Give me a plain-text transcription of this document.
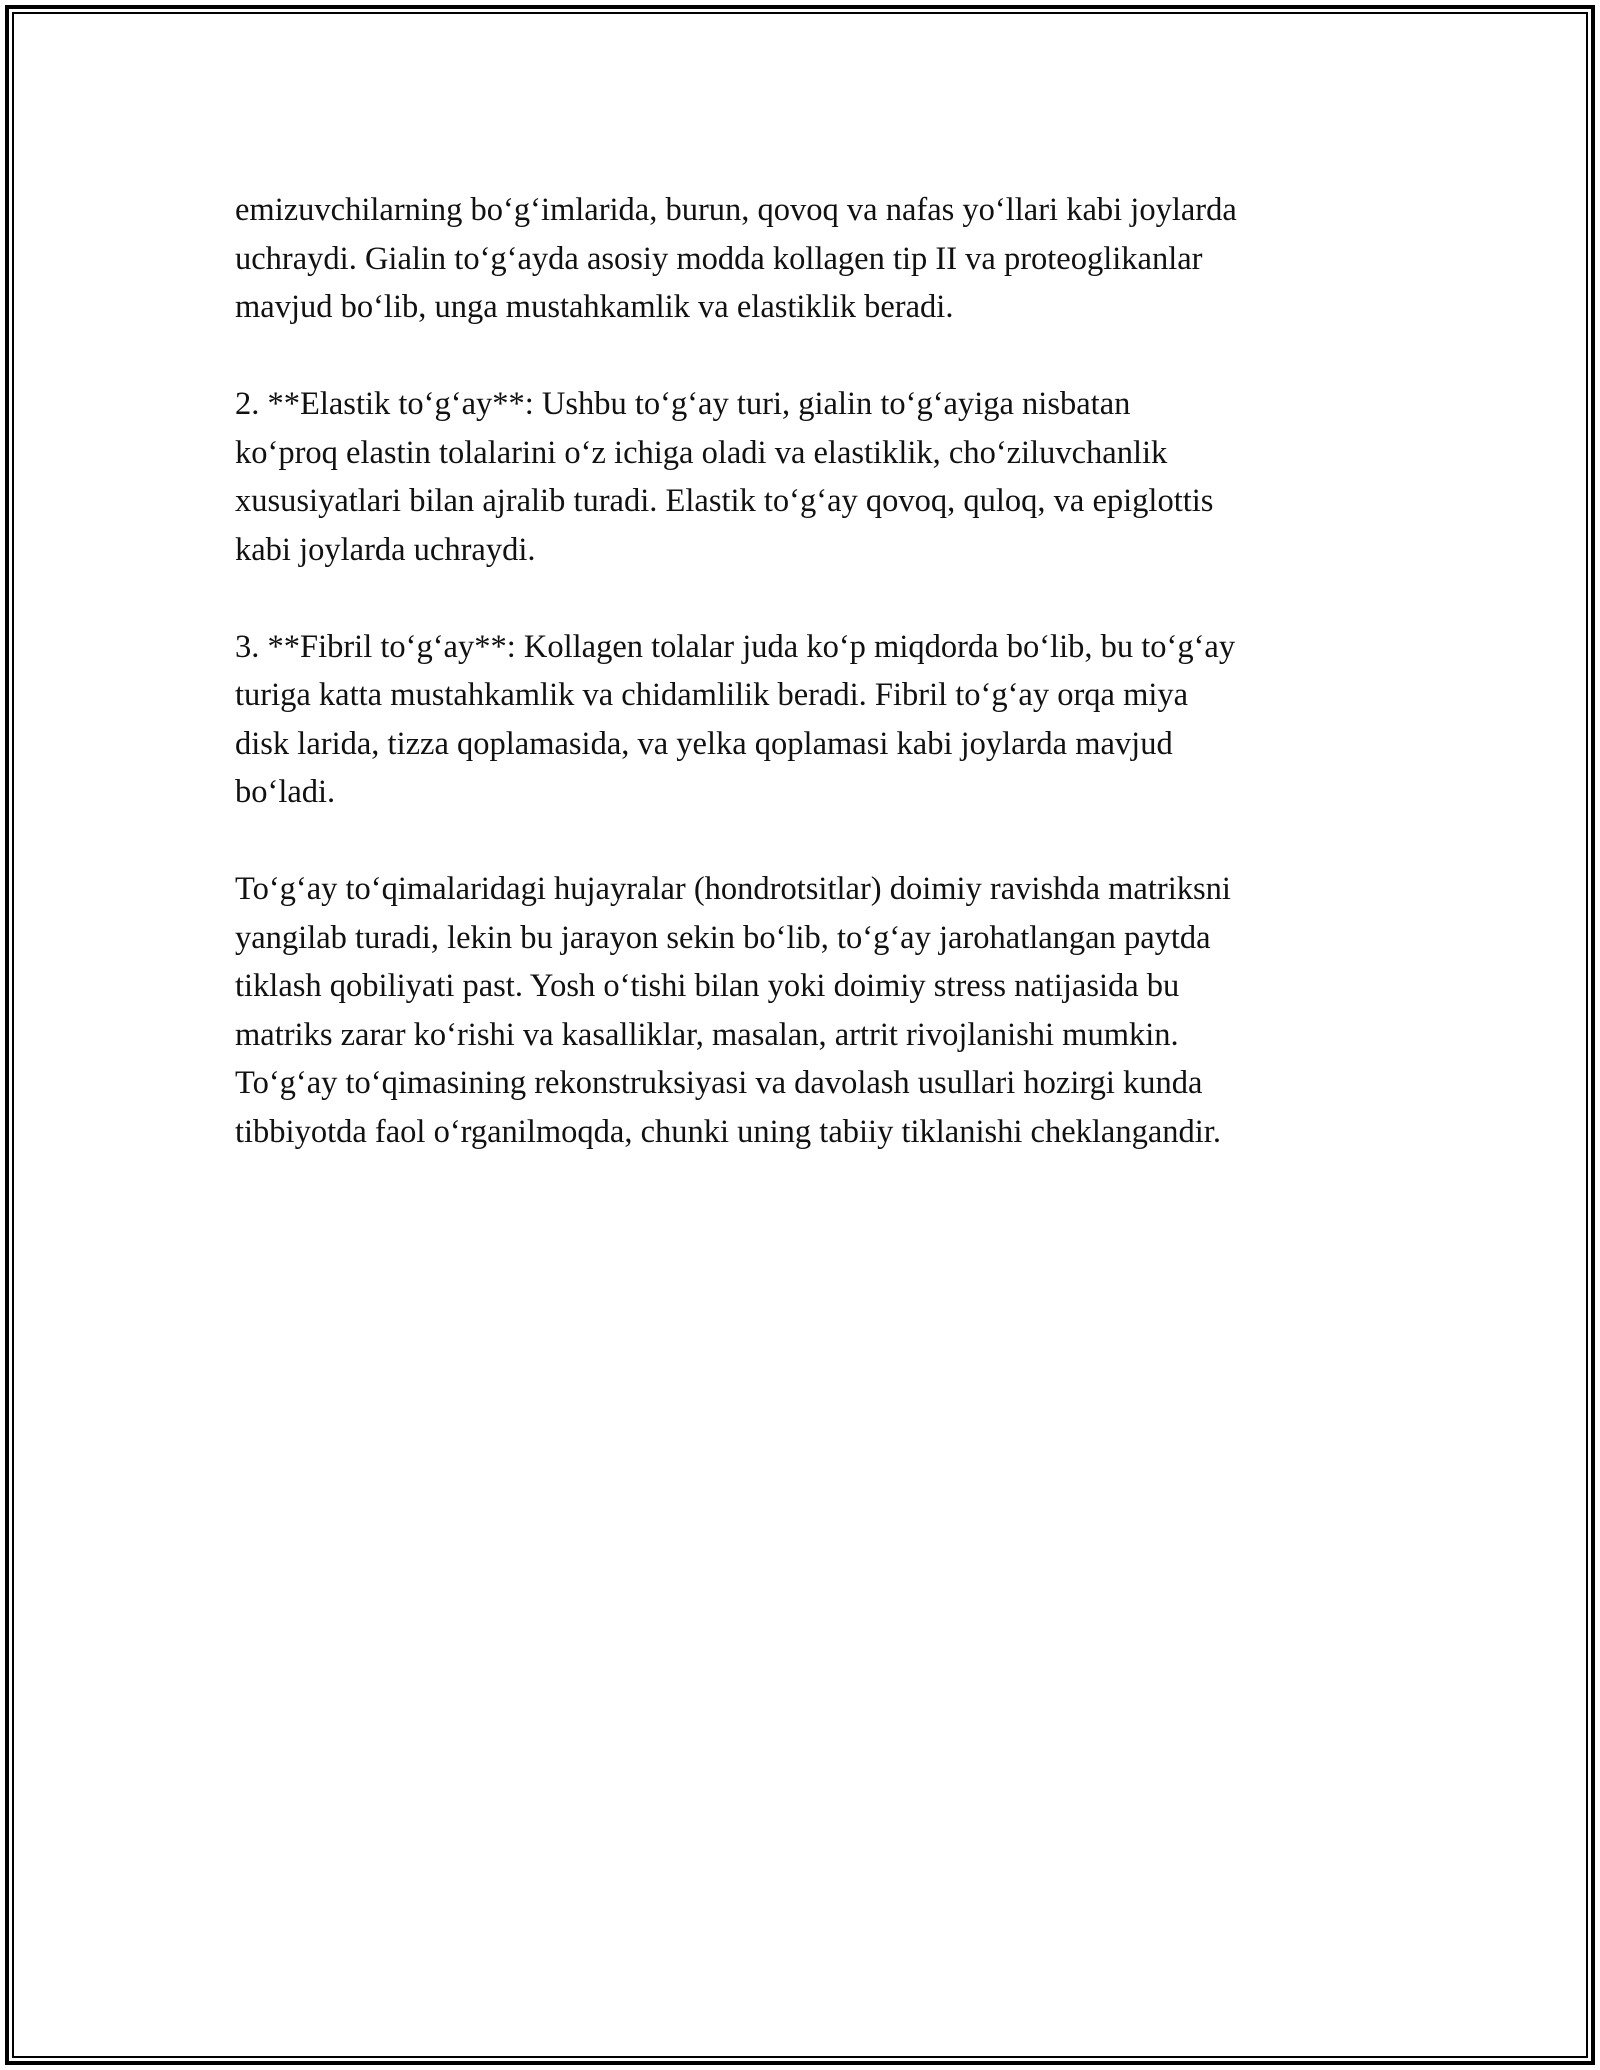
emizuvchilarning bo‘g‘imlarida, burun, qovoq va nafas yo‘llari kabi joylarda
uchraydi. Gialin to‘g‘ayda asosiy modda kollagen tip II va proteoglikanlar
mavjud bo‘lib, unga mustahkamlik va elastiklik beradi.

2. **Elastik to‘g‘ay**: Ushbu to‘g‘ay turi, gialin to‘g‘ayiga nisbatan
ko‘proq elastin tolalarini o‘z ichiga oladi va elastiklik, cho‘ziluvchanlik
xususiyatlari bilan ajralib turadi. Elastik to‘g‘ay qovoq, quloq, va epiglottis
kabi joylarda uchraydi.

3. **Fibril to‘g‘ay**: Kollagen tolalar juda ko‘p miqdorda bo‘lib, bu to‘g‘ay
turiga katta mustahkamlik va chidamlilik beradi. Fibril to‘g‘ay orqa miya
disk larida, tizza qoplamasida, va yelka qoplamasi kabi joylarda mavjud
bo‘ladi.

To‘g‘ay to‘qimalaridagi hujayralar (hondrotsitlar) doimiy ravishda matriksni
yangilab turadi, lekin bu jarayon sekin bo‘lib, to‘g‘ay jarohatlangan paytda
tiklash qobiliyati past. Yosh o‘tishi bilan yoki doimiy stress natijasida bu
matriks zarar ko‘rishi va kasalliklar, masalan, artrit rivojlanishi mumkin.
To‘g‘ay to‘qimasining rekonstruksiyasi va davolash usullari hozirgi kunda
tibbiyotda faol o‘rganilmoqda, chunki uning tabiiy tiklanishi cheklangandir.
